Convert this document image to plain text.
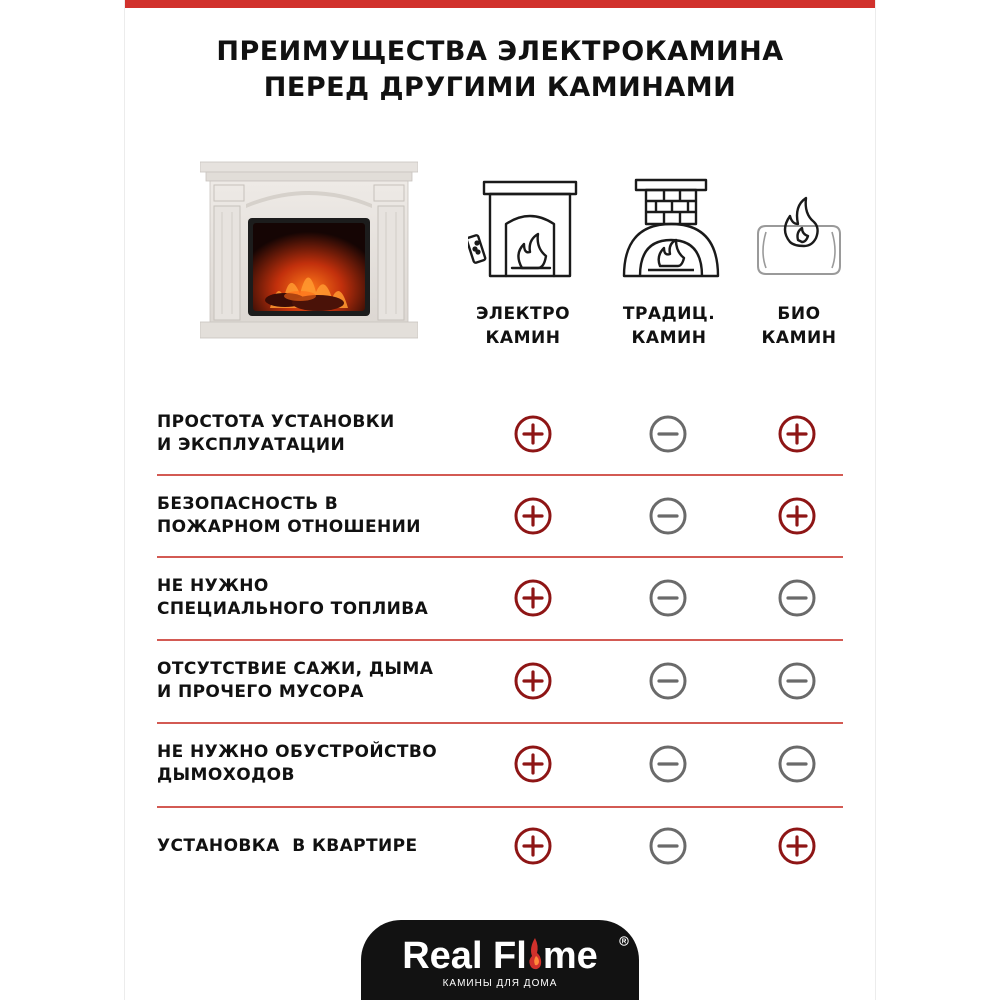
ПРЕИМУЩЕСТВА ЭЛЕКТРОКАМИНА
ПЕРЕД ДРУГИМИ КАМИНАМИ
ЭЛЕКТРО
КАМИН
ТРАДИЦ.
КАМИН
БИО
КАМИН
ПРОСТОТА УСТАНОВКИ
И ЭКСПЛУАТАЦИИ
БЕЗОПАСНОСТЬ В
ПОЖАРНОМ ОТНОШЕНИИ
НЕ НУЖНО
СПЕЦИАЛЬНОГО ТОПЛИВА
ОТСУТСТВИЕ САЖИ, ДЫМА
И ПРОЧЕГО МУСОРА
НЕ НУЖНО ОБУСТРОЙСТВО
ДЫМОХОДОВ
УСТАНОВКА  В КВАРТИРЕ
Real Fl me
КАМИНЫ ДЛЯ ДОМА
